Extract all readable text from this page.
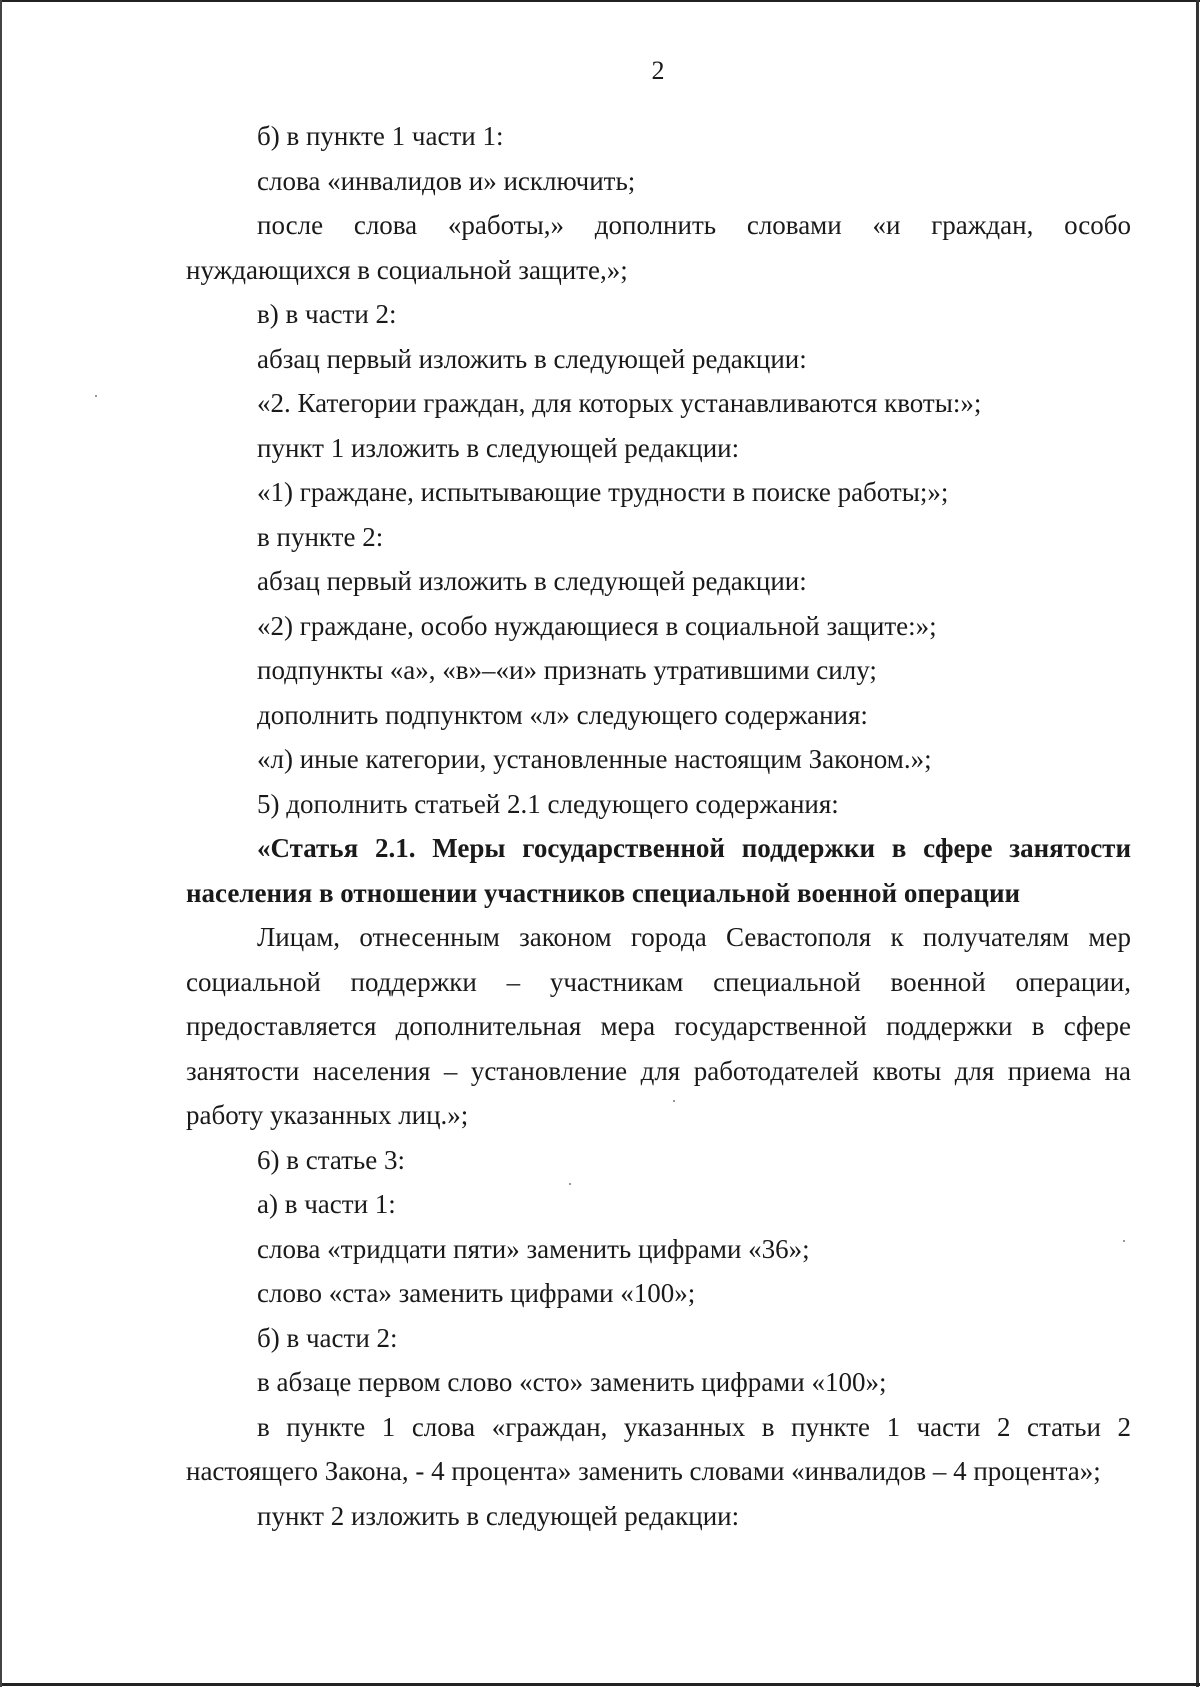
2

б) в пункте 1 части 1:

слова «инвалидов и» исключить;

после слова «работы,» дополнить словами «и граждан, особо нуждающихся в социальной защите,»;

в) в части 2:

абзац первый изложить в следующей редакции:

«2. Категории граждан, для которых устанавливаются квоты:»;

пункт 1 изложить в следующей редакции:

«1) граждане, испытывающие трудности в поиске работы;»;

в пункте 2:

абзац первый изложить в следующей редакции:

«2) граждане, особо нуждающиеся в социальной защите:»;

подпункты «а», «в»–«и» признать утратившими силу;

дополнить подпунктом «л» следующего содержания:

«л) иные категории, установленные настоящим Законом.»;

5) дополнить статьей 2.1 следующего содержания:

«Статья 2.1. Меры государственной поддержки в сфере занятости населения в отношении участников специальной военной операции

Лицам, отнесенным законом города Севастополя к получателям мер социальной поддержки – участникам специальной военной операции, предоставляется дополнительная мера государственной поддержки в сфере занятости населения – установление для работодателей квоты для приема на работу указанных лиц.»;

6) в статье 3:

а) в части 1:

слова «тридцати пяти» заменить цифрами «36»;

слово «ста» заменить цифрами «100»;

б) в части 2:

в абзаце первом слово «сто» заменить цифрами «100»;

в пункте 1 слова «граждан, указанных в пункте 1 части 2 статьи 2 настоящего Закона, - 4 процента» заменить словами «инвалидов – 4 процента»;

пункт 2 изложить в следующей редакции:
